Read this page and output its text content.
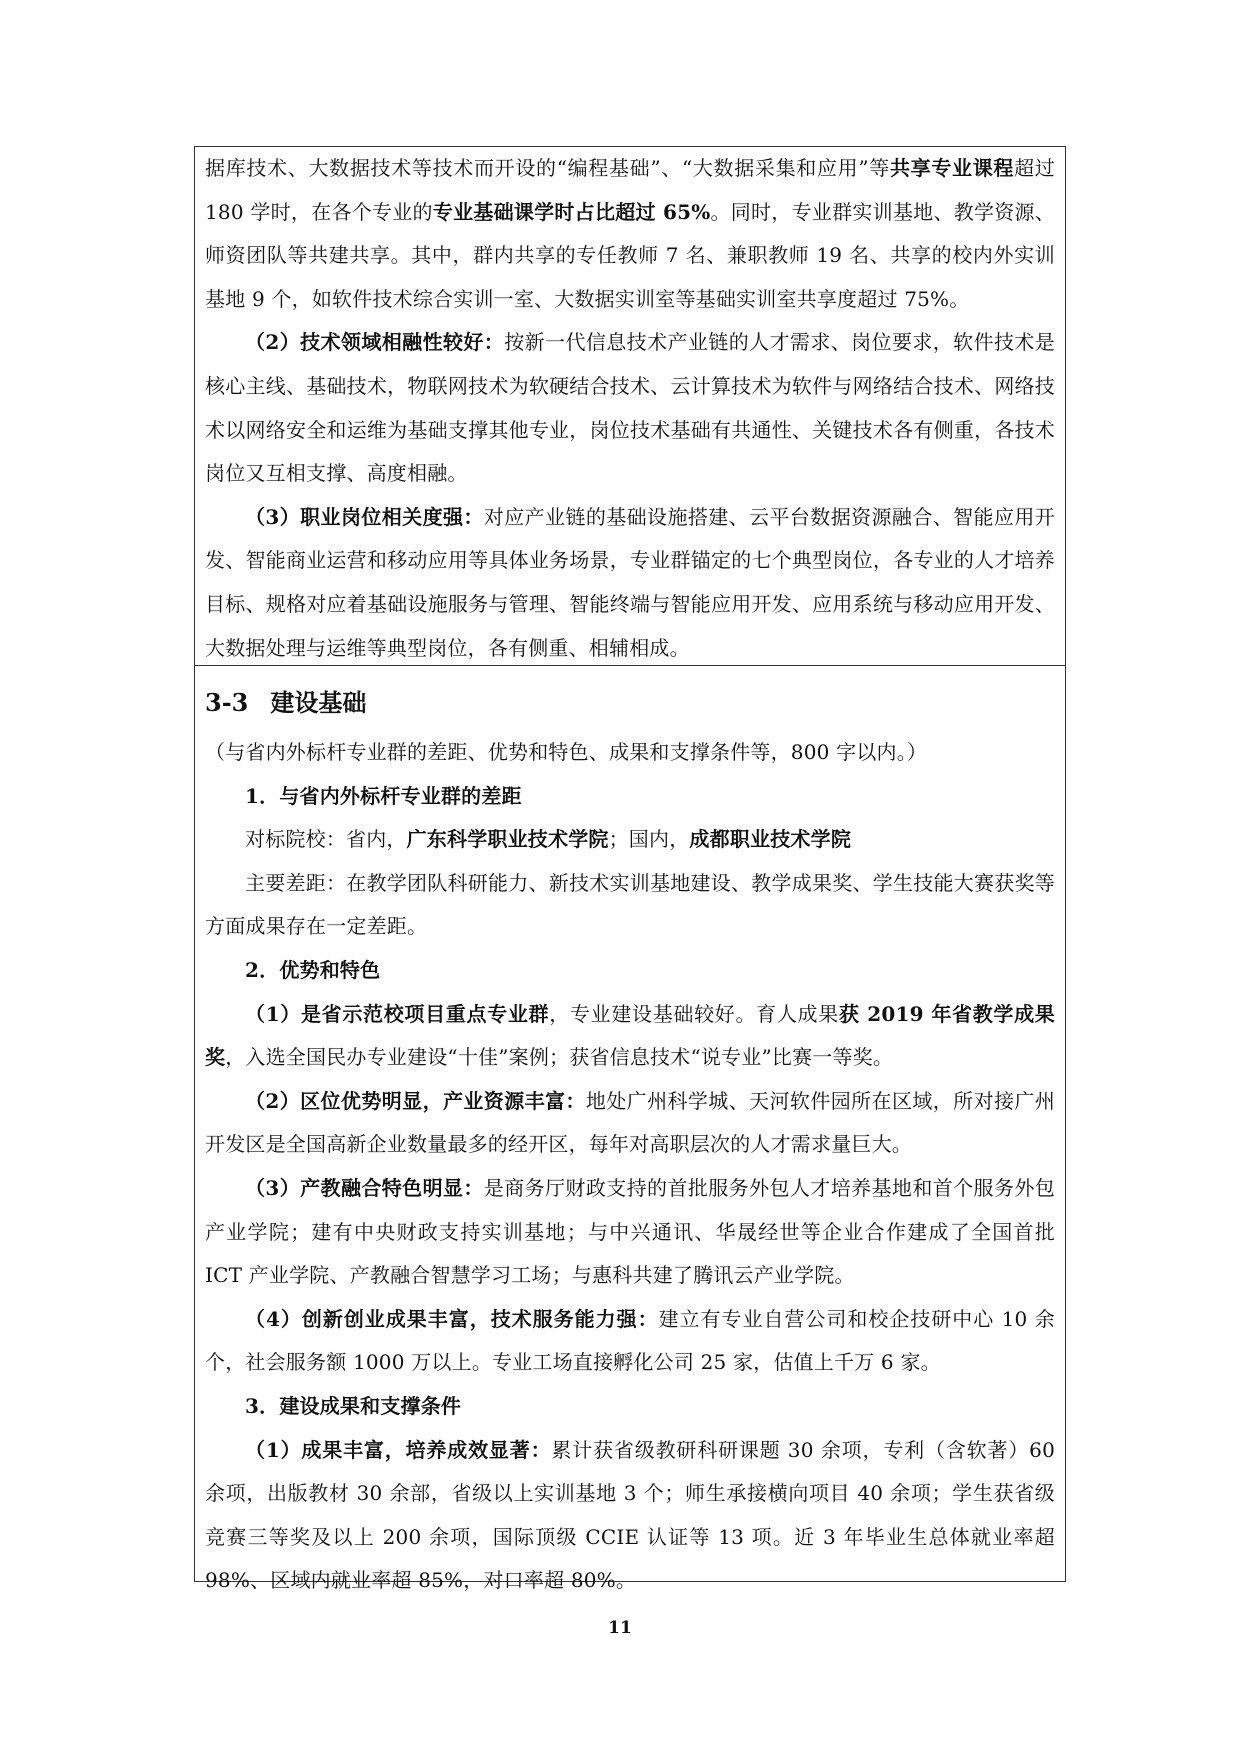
据库技术、大数据技术等技术而开设的“编程基础”、“大数据采集和应用”等共享专业课程超过 180 学时，在各个专业的专业基础课学时占比超过 65%。同时，专业群实训基地、教学资源、师资团队等共建共享。其中，群内共享的专任教师 7 名、兼职教师 19 名、共享的校内外实训基地 9 个，如软件技术综合实训一室、大数据实训室等基础实训室共享度超过 75%。

（2）技术领域相融性较好：按新一代信息技术产业链的人才需求、岗位要求，软件技术是核心主线、基础技术，物联网技术为软硬结合技术、云计算技术为软件与网络结合技术、网络技术以网络安全和运维为基础支撑其他专业，岗位技术基础有共通性、关键技术各有侧重，各技术岗位又互相支撑、高度相融。

（3）职业岗位相关度强：对应产业链的基础设施搭建、云平台数据资源融合、智能应用开发、智能商业运营和移动应用等具体业务场景，专业群锚定的七个典型岗位，各专业的人才培养目标、规格对应着基础设施服务与管理、智能终端与智能应用开发、应用系统与移动应用开发、大数据处理与运维等典型岗位，各有侧重、相辅相成。

3-3 建设基础

（与省内外标杆专业群的差距、优势和特色、成果和支撑条件等，800 字以内。）

1．与省内外标杆专业群的差距

对标院校：省内，广东科学职业技术学院；国内，成都职业技术学院

主要差距：在教学团队科研能力、新技术实训基地建设、教学成果奖、学生技能大赛获奖等方面成果存在一定差距。

2．优势和特色

（1）是省示范校项目重点专业群，专业建设基础较好。育人成果获 2019 年省教学成果奖，入选全国民办专业建设“十佳”案例；获省信息技术“说专业”比赛一等奖。

（2）区位优势明显，产业资源丰富：地处广州科学城、天河软件园所在区域，所对接广州开发区是全国高新企业数量最多的经开区，每年对高职层次的人才需求量巨大。

（3）产教融合特色明显：是商务厅财政支持的首批服务外包人才培养基地和首个服务外包产业学院；建有中央财政支持实训基地；与中兴通讯、华晟经世等企业合作建成了全国首批 ICT 产业学院、产教融合智慧学习工场；与惠科共建了腾讯云产业学院。

（4）创新创业成果丰富，技术服务能力强：建立有专业自营公司和校企技研中心 10 余个，社会服务额 1000 万以上。专业工场直接孵化公司 25 家，估值上千万 6 家。

3．建设成果和支撑条件

（1）成果丰富，培养成效显著：累计获省级教研科研课题 30 余项，专利（含软著）60 余项，出版教材 30 余部，省级以上实训基地 3 个；师生承接横向项目 40 余项；学生获省级竞赛三等奖及以上 200 余项，国际顶级 CCIE 认证等 13 项。近 3 年毕业生总体就业率超 98%、区域内就业率超 85%，对口率超 80%。

11
